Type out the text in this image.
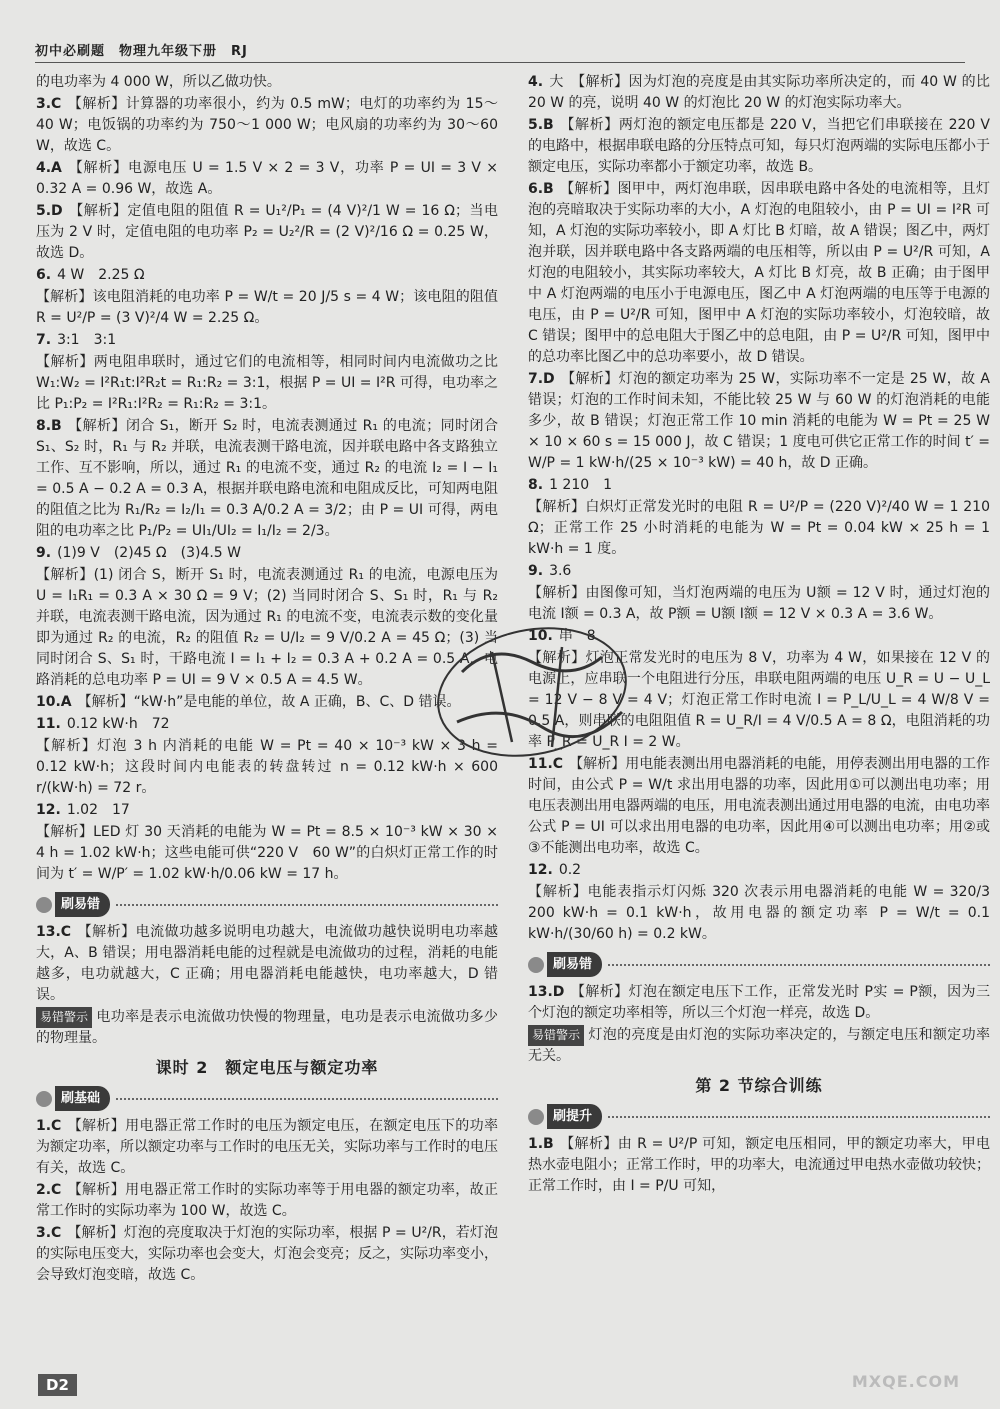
初中必刷题　物理九年级下册　RJ

的电功率为 4 000 W，所以乙做功快。

3.C 【解析】计算器的功率很小，约为 0.5 mW；电灯的功率约为 15～40 W；电饭锅的功率约为 750～1 000 W；电风扇的功率约为 30～60 W，故选 C。

4.A 【解析】电源电压 U = 1.5 V × 2 = 3 V，功率 P = UI = 3 V × 0.32 A = 0.96 W，故选 A。

5.D 【解析】定值电阻的阻值 R = U₁²/P₁ = (4 V)²/1 W = 16 Ω；当电压为 2 V 时，定值电阻的电功率 P₂ = U₂²/R = (2 V)²/16 Ω = 0.25 W，故选 D。

6. 4 W　2.25 Ω

【解析】该电阻消耗的电功率 P = W/t = 20 J/5 s = 4 W；该电阻的阻值 R = U²/P = (3 V)²/4 W = 2.25 Ω。

7. 3:1　3:1

【解析】两电阻串联时，通过它们的电流相等，相同时间内电流做功之比 W₁:W₂ = I²R₁t:I²R₂t = R₁:R₂ = 3:1，根据 P = UI = I²R 可得，电功率之比 P₁:P₂ = I²R₁:I²R₂ = R₁:R₂ = 3:1。

8.B 【解析】闭合 S₁，断开 S₂ 时，电流表测通过 R₁ 的电流；同时闭合 S₁、S₂ 时，R₁ 与 R₂ 并联，电流表测干路电流，因并联电路中各支路独立工作、互不影响，所以，通过 R₁ 的电流不变，通过 R₂ 的电流 I₂ = I − I₁ = 0.5 A − 0.2 A = 0.3 A，根据并联电路电流和电阻成反比，可知两电阻的阻值之比为 R₁/R₂ = I₂/I₁ = 0.3 A/0.2 A = 3/2；由 P = UI 可得，两电阻的电功率之比 P₁/P₂ = UI₁/UI₂ = I₁/I₂ = 2/3。

9. (1)9 V　(2)45 Ω　(3)4.5 W

【解析】(1) 闭合 S，断开 S₁ 时，电流表测通过 R₁ 的电流，电源电压为 U = I₁R₁ = 0.3 A × 30 Ω = 9 V；(2) 当同时闭合 S、S₁ 时，R₁ 与 R₂ 并联，电流表测干路电流，因为通过 R₁ 的电流不变，电流表示数的变化量即为通过 R₂ 的电流，R₂ 的阻值 R₂ = U/I₂ = 9 V/0.2 A = 45 Ω；(3) 当同时闭合 S、S₁ 时，干路电流 I = I₁ + I₂ = 0.3 A + 0.2 A = 0.5 A，电路消耗的总电功率 P = UI = 9 V × 0.5 A = 4.5 W。

10.A 【解析】“kW·h”是电能的单位，故 A 正确，B、C、D 错误。

11. 0.12 kW·h　72

【解析】灯泡 3 h 内消耗的电能 W = Pt = 40 × 10⁻³ kW × 3 h = 0.12 kW·h；这段时间内电能表的转盘转过 n = 0.12 kW·h × 600 r/(kW·h) = 72 r。

12. 1.02　17

【解析】LED 灯 30 天消耗的电能为 W = Pt = 8.5 × 10⁻³ kW × 30 × 4 h = 1.02 kW·h；这些电能可供“220 V　60 W”的白炽灯正常工作的时间为 t′ = W/P′ = 1.02 kW·h/0.06 kW = 17 h。

刷易错

13.C 【解析】电流做功越多说明电功越大，电流做功越快说明电功率越大，A、B 错误；用电器消耗电能的过程就是电流做功的过程，消耗的电能越多，电功就越大，C 正确；用电器消耗电能越快，电功率越大，D 错误。

易错警示 电功率是表示电流做功快慢的物理量，电功是表示电流做功多少的物理量。

课时 2　额定电压与额定功率
刷基础

1.C 【解析】用电器正常工作时的电压为额定电压，在额定电压下的功率为额定功率，所以额定功率与工作时的电压无关，实际功率与工作时的电压有关，故选 C。

2.C 【解析】用电器正常工作时的实际功率等于用电器的额定功率，故正常工作时的实际功率为 100 W，故选 C。

3.C 【解析】灯泡的亮度取决于灯泡的实际功率，根据 P = U²/R，若灯泡的实际电压变大，实际功率也会变大，灯泡会变亮；反之，实际功率变小，会导致灯泡变暗，故选 C。

4. 大　【解析】因为灯泡的亮度是由其实际功率所决定的，而 40 W 的比 20 W 的亮，说明 40 W 的灯泡比 20 W 的灯泡实际功率大。

5.B 【解析】两灯泡的额定电压都是 220 V，当把它们串联接在 220 V 的电路中，根据串联电路的分压特点可知，每只灯泡两端的实际电压都小于额定电压，实际功率都小于额定功率，故选 B。

6.B 【解析】图甲中，两灯泡串联，因串联电路中各处的电流相等，且灯泡的亮暗取决于实际功率的大小，A 灯泡的电阻较小，由 P = UI = I²R 可知，A 灯泡的实际功率较小，即 A 灯比 B 灯暗，故 A 错误；图乙中，两灯泡并联，因并联电路中各支路两端的电压相等，所以由 P = U²/R 可知，A 灯泡的电阻较小，其实际功率较大，A 灯比 B 灯亮，故 B 正确；由于图甲中 A 灯泡两端的电压小于电源电压，图乙中 A 灯泡两端的电压等于电源的电压，由 P = U²/R 可知，图甲中 A 灯泡的实际功率较小，灯泡较暗，故 C 错误；图甲中的总电阻大于图乙中的总电阻，由 P = U²/R 可知，图甲中的总功率比图乙中的总功率要小，故 D 错误。

7.D 【解析】灯泡的额定功率为 25 W，实际功率不一定是 25 W，故 A 错误；灯泡的工作时间未知，不能比较 25 W 与 60 W 的灯泡消耗的电能多少，故 B 错误；灯泡正常工作 10 min 消耗的电能为 W = Pt = 25 W × 10 × 60 s = 15 000 J，故 C 错误；1 度电可供它正常工作的时间 t′ = W/P = 1 kW·h/(25 × 10⁻³ kW) = 40 h，故 D 正确。

8. 1 210　1

【解析】白炽灯正常发光时的电阻 R = U²/P = (220 V)²/40 W = 1 210 Ω；正常工作 25 小时消耗的电能为 W = Pt = 0.04 kW × 25 h = 1 kW·h = 1 度。

9. 3.6

【解析】由图像可知，当灯泡两端的电压为 U额 = 12 V 时，通过灯泡的电流 I额 = 0.3 A，故 P额 = U额 I额 = 12 V × 0.3 A = 3.6 W。

10. 串　8

【解析】灯泡正常发光时的电压为 8 V，功率为 4 W，如果接在 12 V 的电源上，应串联一个电阻进行分压，串联电阻两端的电压 U_R = U − U_L = 12 V − 8 V = 4 V；灯泡正常工作时电流 I = P_L/U_L = 4 W/8 V = 0.5 A，则串联的电阻阻值 R = U_R/I = 4 V/0.5 A = 8 Ω，电阻消耗的功率 P_R = U_R I = 2 W。

11.C 【解析】用电能表测出用电器消耗的电能，用停表测出用电器的工作时间，由公式 P = W/t 求出用电器的功率，因此用①可以测出电功率；用电压表测出用电器两端的电压，用电流表测出通过用电器的电流，由电功率公式 P = UI 可以求出用电器的电功率，因此用④可以测出电功率；用②或③不能测出电功率，故选 C。

12. 0.2

【解析】电能表指示灯闪烁 320 次表示用电器消耗的电能 W = 320/3 200 kW·h = 0.1 kW·h，故用电器的额定功率 P = W/t = 0.1 kW·h/(30/60 h) = 0.2 kW。

刷易错

13.D 【解析】灯泡在额定电压下工作，正常发光时 P实 = P额，因为三个灯泡的额定功率相等，所以三个灯泡一样亮，故选 D。

易错警示 灯泡的亮度是由灯泡的实际功率决定的，与额定电压和额定功率无关。

第 2 节综合训练
刷提升

1.B 【解析】由 R = U²/P 可知，额定电压相同，甲的额定功率大，甲电热水壶电阻小；正常工作时，甲的功率大，电流通过甲电热水壶做功较快；正常工作时，由 I = P/U 可知，

D2	MXQE.COM
